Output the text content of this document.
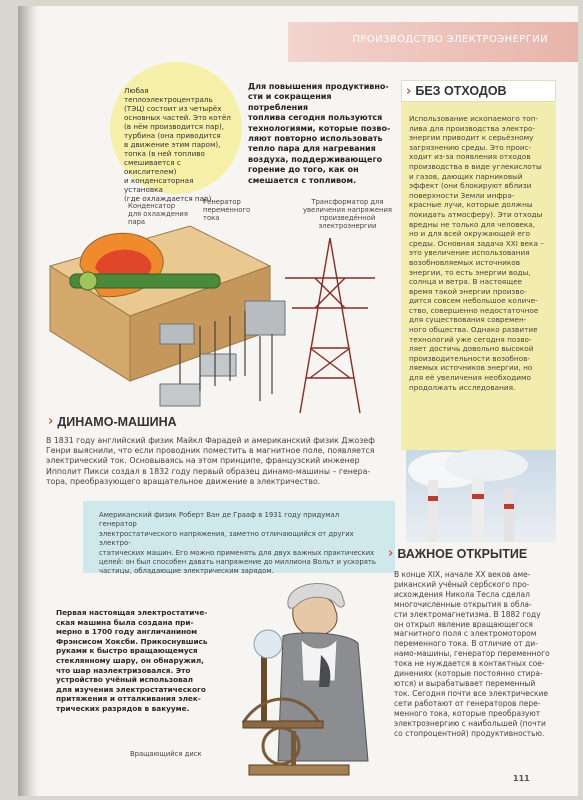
ПРОИЗВОДСТВО ЭЛЕКТРОЭНЕРГИИ
Любая
теплоэлектроцентраль
(ТЭЦ) состоит из четырёх
основных частей. Это котёл
(в нём производится пар),
турбина (она приводится
в движение этим паром),
топка (в ней топливо
смешивается с окислителем)
и конденсаторная установка
(где охлаждается пар).
Для повышения продуктивно-
сти и сокращения потребления
топлива сегодня пользуются
технологиями, которые позво-
ляют повторно использовать
тепло пара для нагревания
воздуха, поддерживающего
горение до того, как он
смешается с топливом.
Конденсатор
для охлаждения
пара
Генератор
переменного
тока
Трансформатор для
увеличения напряжения
произведённой
электроэнергии
› БЕЗ ОТХОДОВ
Использование ископаемого топ-
лива для производства электро-
энергии приводит к серьёзному
загрязнению среды. Это проис-
ходит из-за появления отходов
производства в виде углекислоты
и газов, дающих парниковый
эффект (они блокируют вблизи
поверхности Земли инфра-
красные лучи, которые должны
покидать атмосферу). Эти отходы
вредны не только для человека,
но и для всей окружающей его
среды. Основная задача XXI века –
это увеличение использования
возобновляемых источников
энергии, то есть энергии воды,
солнца и ветра. В настоящее
время такой энергии произво-
дится совсем небольшое количе-
ство, совершенно недостаточное
для существования современ-
ного общества. Однако развитие
технологий уже сегодня позво-
ляет достичь довольно высокой
производительности возобнов-
ляемых источников энергии, но
для её увеличения необходимо
продолжать исследования.
› ДИНАМО-МАШИНА
В 1831 году английский физик Майкл Фарадей и американский физик Джозеф
Генри выяснили, что если проводник поместить в магнитное поле, появляется
электрический ток. Основываясь на этом принципе, французский инженер
Ипполит Пикси создал в 1832 году первый образец динамо-машины – генера-
тора, преобразующего вращательное движение в электричество.
Американский физик Роберт Ван де Грааф в 1931 году придумал генератор
электростатического напряжения, заметно отличающийся от других электро-
статических машин. Его можно применять для двух важных практических
целей: он был способен давать напряжение до миллиона Вольт и ускорять
частицы, обладающие электрическим зарядом.
› ВАЖНОЕ ОТКРЫТИЕ
В конце XIX, начале XX веков аме-
риканский учёный сербского про-
исхождения Никола Тесла сделал
многочисленные открытия в обла-
сти электромагнетизма. В 1882 году
он открыл явление вращающегося
магнитного поля с электромотором
переменного тока. В отличие от ди-
намо-машины, генератор переменного
тока не нуждается в контактных сое-
динениях (которые постоянно стира-
ются) и вырабатывает переменный
ток. Сегодня почти все электрические
сети работают от генераторов пере-
менного тока, которые преобразуют
электроэнергию с наибольшей (почти
со стопроцентной) продуктивностью.
Первая настоящая электростатиче-
ская машина была создана при-
мерно в 1700 году англичанином
Фрэнсисом Хоксби. Прикоснувшись
руками к быстро вращающемуся
стеклянному шару, он обнаружил,
что шар наэлектризовался. Это
устройство учёный использовал
для изучения электростатического
притяжения и отталкивания элек-
трических разрядов в вакууме.
Вращающийся диск
111
